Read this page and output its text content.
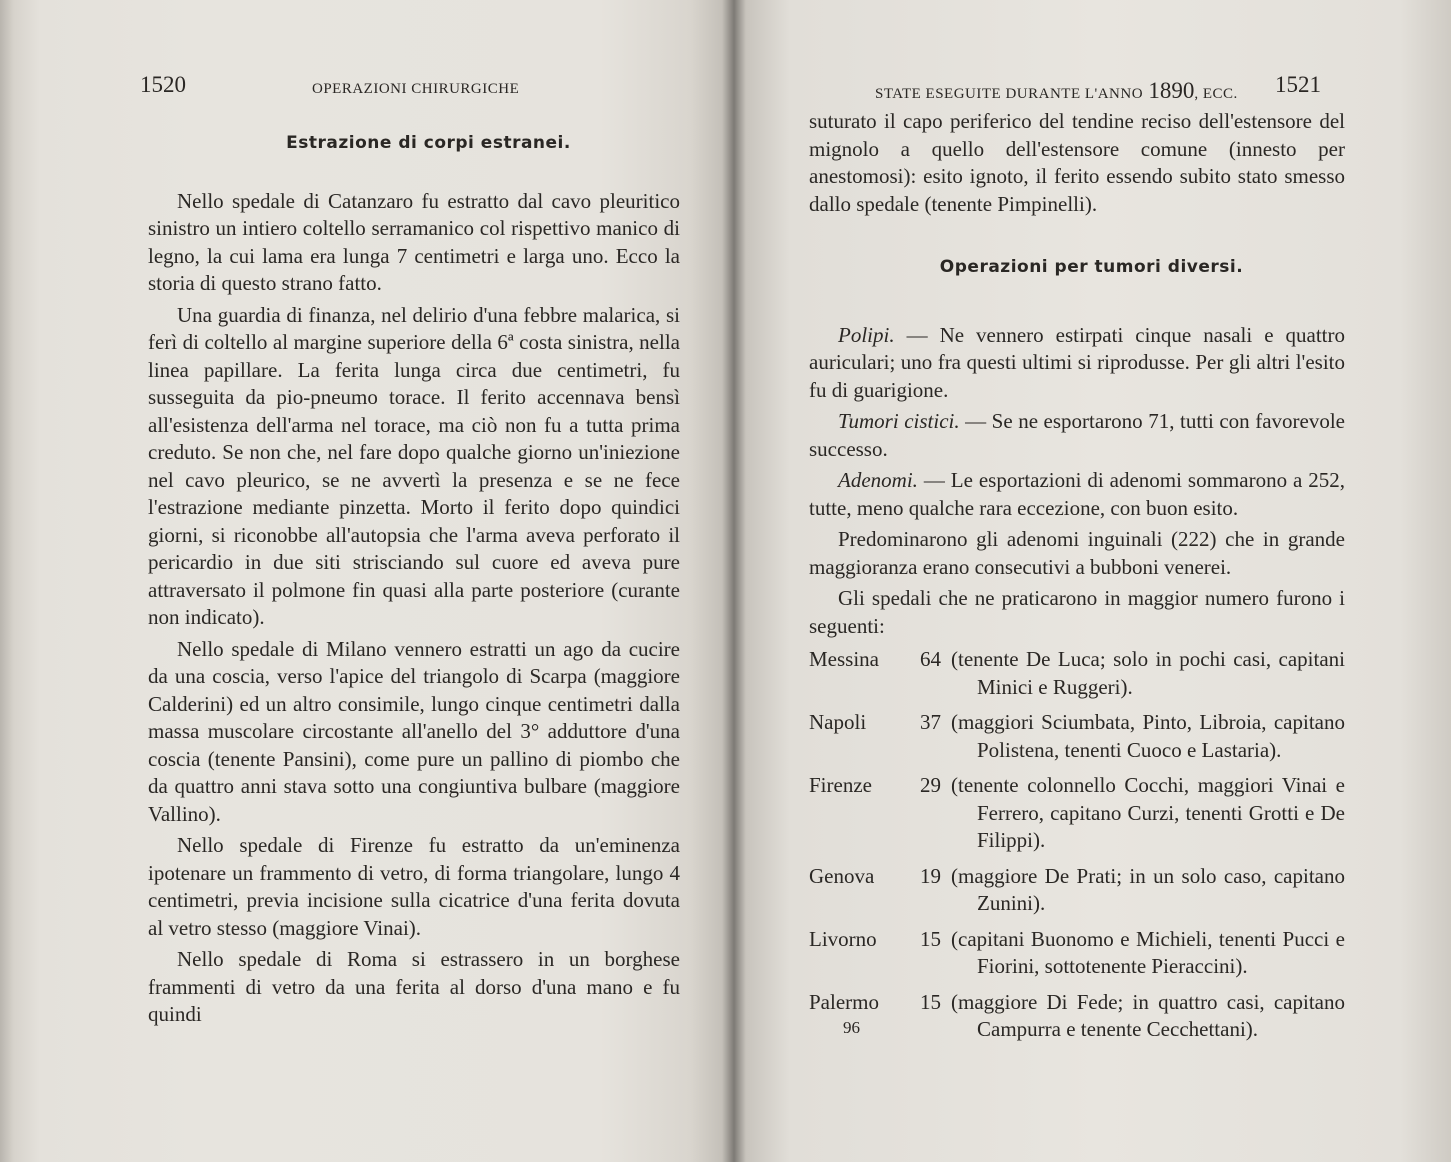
1520	OPERAZIONI CHIRURGICHE

Estrazione di corpi estranei.

Nello spedale di Catanzaro fu estratto dal cavo pleuritico sinistro un intiero coltello serramanico col rispettivo manico di legno, la cui lama era lunga 7 centimetri e larga uno. Ecco la storia di questo strano fatto.

Una guardia di finanza, nel delirio d'una febbre malarica, si ferì di coltello al margine superiore della 6ª costa sinistra, nella linea papillare. La ferita lunga circa due centimetri, fu susseguita da pio-pneumo torace. Il ferito accennava bensì all'esistenza dell'arma nel torace, ma ciò non fu a tutta prima creduto. Se non che, nel fare dopo qualche giorno un'iniezione nel cavo pleurico, se ne avvertì la presenza e se ne fece l'estrazione mediante pinzetta. Morto il ferito dopo quindici giorni, si riconobbe all'autopsia che l'arma aveva perforato il pericardio in due siti strisciando sul cuore ed aveva pure attraversato il polmone fin quasi alla parte posteriore (curante non indicato).

Nello spedale di Milano vennero estratti un ago da cucire da una coscia, verso l'apice del triangolo di Scarpa (maggiore Calderini) ed un altro consimile, lungo cinque centimetri dalla massa muscolare circostante all'anello del 3° adduttore d'una coscia (tenente Pansini), come pure un pallino di piombo che da quattro anni stava sotto una congiuntiva bulbare (maggiore Vallino).

Nello spedale di Firenze fu estratto da un'eminenza ipotenare un frammento di vetro, di forma triangolare, lungo 4 centimetri, previa incisione sulla cicatrice d'una ferita dovuta al vetro stesso (maggiore Vinai).

Nello spedale di Roma si estrassero in un borghese frammenti di vetro da una ferita al dorso d'una mano e fu quindi

STATE ESEGUITE DURANTE L'ANNO 1890, ECC. 1521

suturato il capo periferico del tendine reciso dell'estensore del mignolo a quello dell'estensore comune (innesto per anestomosi): esito ignoto, il ferito essendo subito stato smesso dallo spedale (tenente Pimpinelli).

Operazioni per tumori diversi.

Polipi. — Ne vennero estirpati cinque nasali e quattro auriculari; uno fra questi ultimi si riprodusse. Per gli altri l'esito fu di guarigione.

Tumori cistici. — Se ne esportarono 71, tutti con favorevole successo.

Adenomi. — Le esportazioni di adenomi sommarono a 252, tutte, meno qualche rara eccezione, con buon esito.

Predominarono gli adenomi inguinali (222) che in grande maggioranza erano consecutivi a bubboni venerei.

Gli spedali che ne praticarono in maggior numero furono i seguenti:

Messina	64	(tenente De Luca; solo in pochi casi, capitani Minici e Ruggeri).

Napoli	37	(maggiori Sciumbata, Pinto, Libroia, capitano Polistena, tenenti Cuoco e Lastaria).

Firenze	29	(tenente colonnello Cocchi, maggiori Vinai e Ferrero, capitano Curzi, tenenti Grotti e De Filippi).

Genova	19	(maggiore De Prati; in un solo caso, capitano Zunini).

Livorno	15	(capitani Buonomo e Michieli, tenenti Pucci e Fiorini, sottotenente Pieraccini).

Palermo	15	(maggiore Di Fede; in quattro casi, capitano Campurra e tenente Cecchettani).
96
